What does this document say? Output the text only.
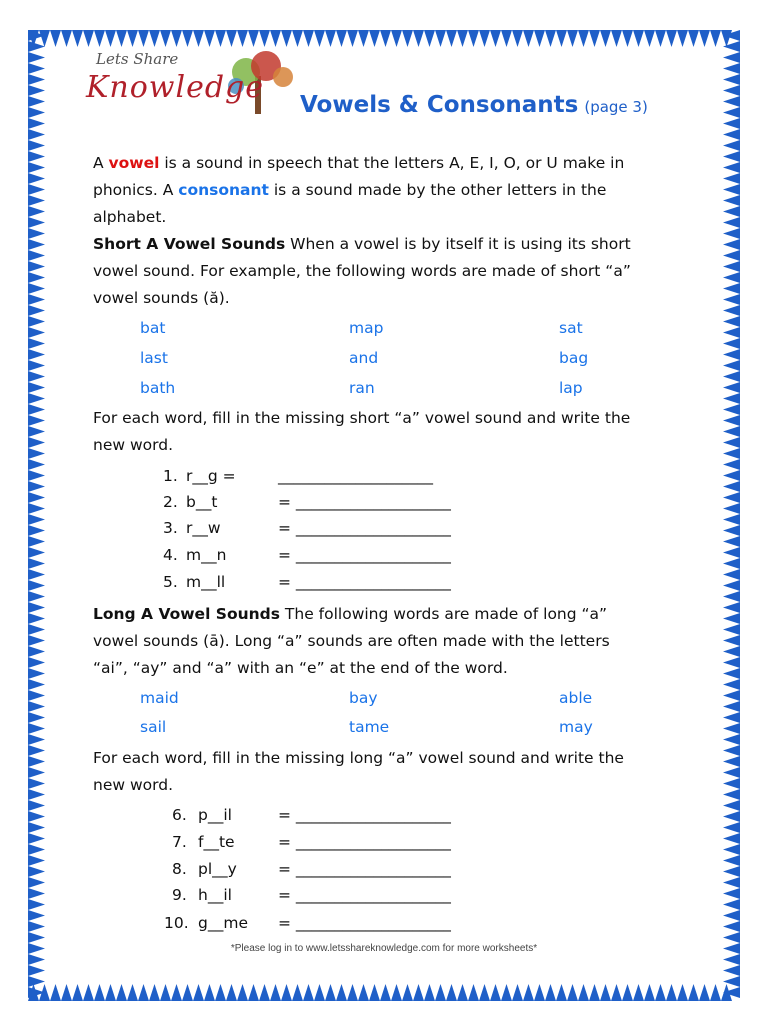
Lets Share
Knowledge Vowels & Consonants (page 3)
A vowel is a sound in speech that the letters A, E, I, O, or U make in
phonics. A consonant is a sound made by the other letters in the
alphabet.
Short A Vowel Sounds When a vowel is by itself it is using its short
vowel sound. For example, the following words are made of short “a”
vowel sounds (ă).
bat	map	sat
last	and	bag
bath	ran	lap
For each word, fill in the missing short “a” vowel sound and write the
new word.
1. r__g =	____________________
2. b__t	= ____________________
3. r__w	= ____________________
4. m__n	= ____________________
5. m__ll	= ____________________
Long A Vowel Sounds The following words are made of long “a”
vowel sounds (ā). Long “a” sounds are often made with the letters
“ai”, “ay” and “a” with an “e” at the end of the word.
maid	bay	able
sail	tame	may
For each word, fill in the missing long “a” vowel sound and write the
new word.
6. p__il	= ____________________
7. f__te	= ____________________
8. pl__y	= ____________________
9. h__il	= ____________________
10. g__me = ____________________
*Please log in to www.letsshareknowledge.com for more worksheets*
